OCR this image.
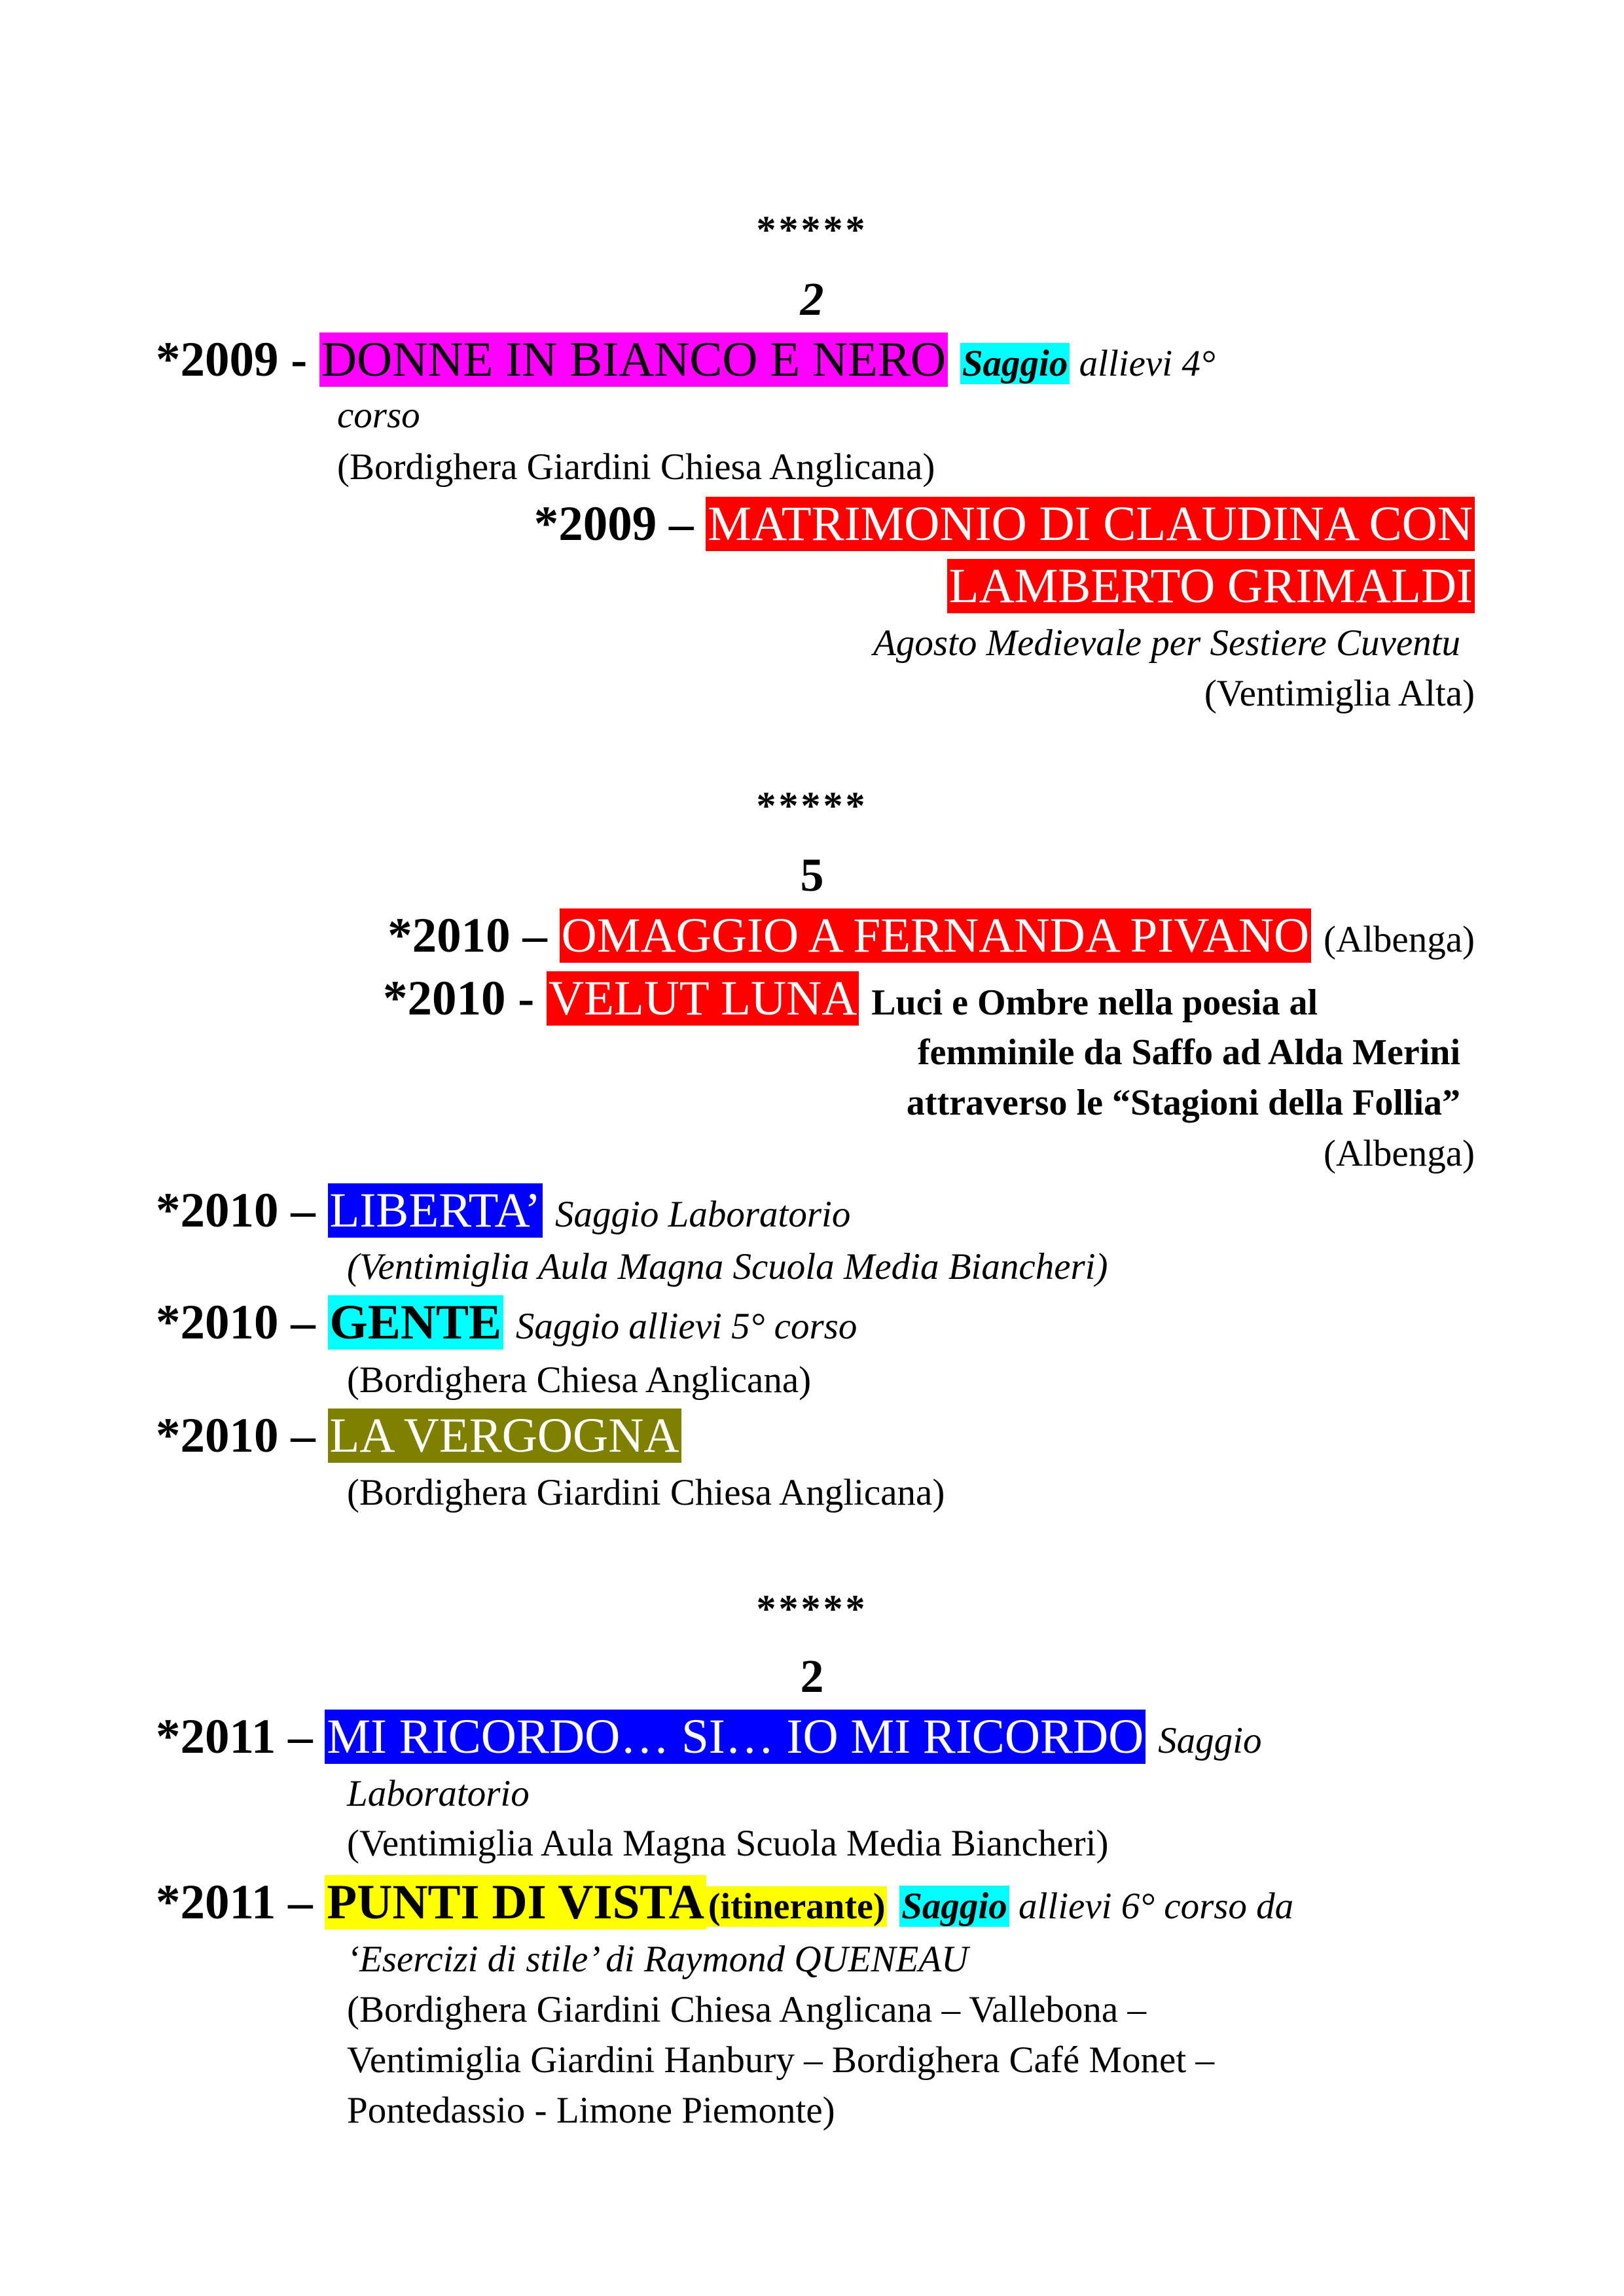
*****
2
*2009 - DONNE IN BIANCO E NERO Saggio allievi 4°
corso
(Bordighera Giardini Chiesa Anglicana)
*2009 – MATRIMONIO DI CLAUDINA CON
LAMBERTO GRIMALDI
Agosto Medievale per Sestiere Cuventu
(Ventimiglia Alta)
*****
5
*2010 – OMAGGIO A FERNANDA PIVANO (Albenga)
*2010 - VELUT LUNA Luci e Ombre nella poesia al
femminile da Saffo ad Alda Merini
attraverso le “Stagioni della Follia”
(Albenga)
*2010 – LIBERTA’ Saggio Laboratorio
(Ventimiglia Aula Magna Scuola Media Biancheri)
*2010 – GENTE Saggio allievi 5° corso
(Bordighera Chiesa Anglicana)
*2010 – LA VERGOGNA
(Bordighera Giardini Chiesa Anglicana)
*****
2
*2011 – MI RICORDO… SI… IO MI RICORDO Saggio
Laboratorio
(Ventimiglia Aula Magna Scuola Media Biancheri)
*2011 – PUNTI DI VISTA (itinerante) Saggio allievi 6° corso da
‘Esercizi di stile’ di Raymond QUENEAU
(Bordighera Giardini Chiesa Anglicana – Vallebona –
Ventimiglia Giardini Hanbury – Bordighera Café Monet –
Pontedassio - Limone Piemonte)
